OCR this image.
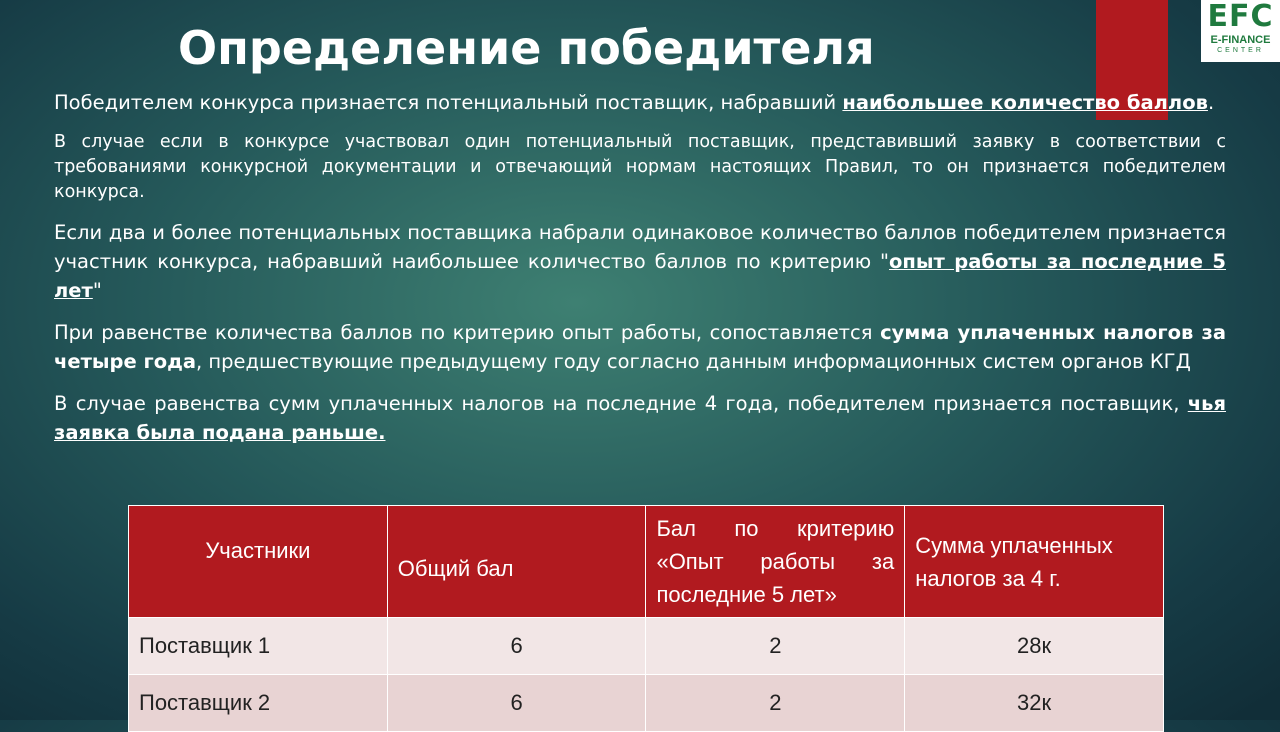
EFC
E-FINANCE
CENTER
Определение победителя

Победителем конкурса признается потенциальный поставщик, набравший наибольшее количество баллов.

В случае если в конкурсе участвовал один потенциальный поставщик, представивший заявку в соответствии с требованиями конкурсной документации и отвечающий нормам настоящих Правил, то он признается победителем конкурса.

Если два и более потенциальных поставщика набрали одинаковое количество баллов победителем признается участник конкурса, набравший наибольшее количество баллов по критерию "опыт работы за последние 5 лет"

При равенстве количества баллов по критерию опыт работы, сопоставляется сумма уплаченных налогов за четыре года, предшествующие предыдущему году согласно данным информационных систем органов КГД

В случае равенства сумм уплаченных налогов на последние 4 года, победителем признается поставщик, чья заявка была подана раньше.

Участники	Общий бал	Бал по критерию «Опыт работы за последние 5 лет»	Сумма уплаченных налогов за 4 г.
Поставщик 1	6	2	28к
Поставщик 2	6	2	32к
